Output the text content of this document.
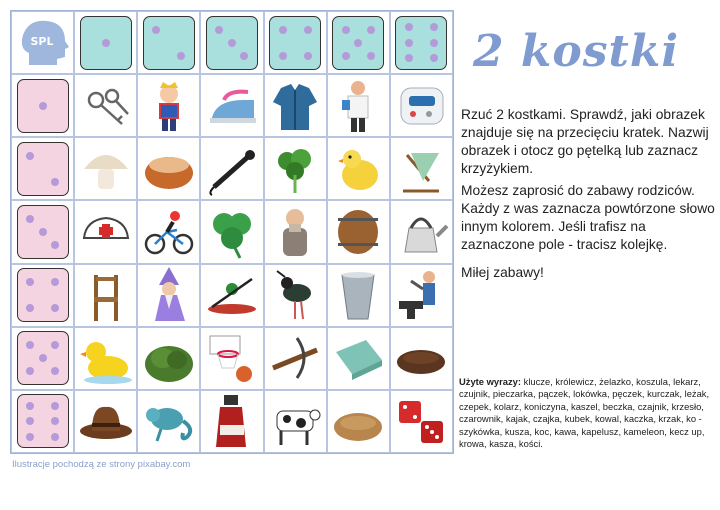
SPL	2 kostki

Rzuć 2 kostkami. Sprawdź, jaki obrazek znajduje się na przecięciu kratek. Nazwij obrazek i otocz go pętelką lub zaznacz krzyżykiem.

Możesz zaprosić do zabawy rodziców. Każdy z was zaznacza powtórzone słowo innym kolorem. Jeśli trafisz na zaznaczone pole - tracisz kolejkę.

Miłej zabawy!

Użyte wyrazy: klucze, królewicz, żelazko, koszula, lekarz, czujnik, pieczarka, pączek, lokówka, pęczek, kurczak, leżak, czepek, kolarz, koniczyna, kaszel, beczka, czajnik, krzesło, czarownik, kajak, czajka, kubek, kowal, kaczka, krzak, ko - szykówka, kusza, koc, kawa, kapelusz, kameleon, kecz up, krowa, kasza, kości.
Ilustracje pochodzą ze strony pixabay.com
